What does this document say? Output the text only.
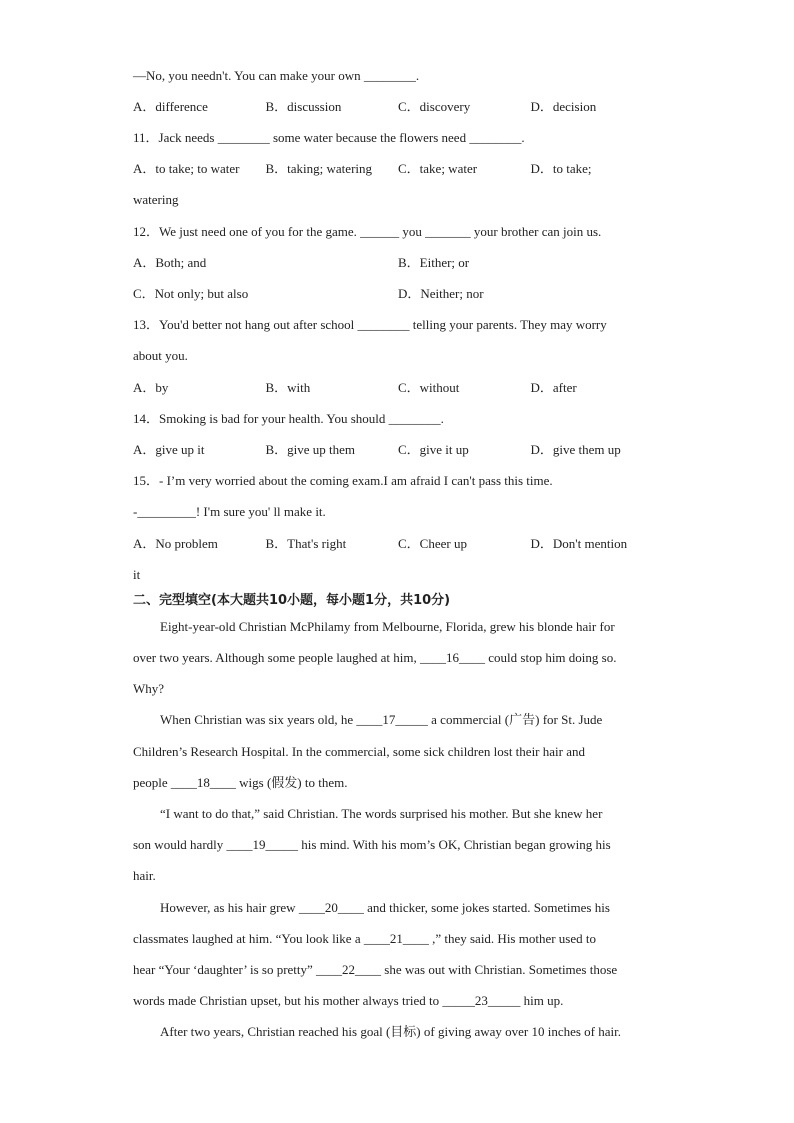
—No, you needn't. You can make your own ________.
A．difference	B．discussion	C．discovery	D．decision
11．Jack needs ________ some water because the flowers need ________.
A．to take; to water	B．taking; watering	C．take; water	D．to take;
watering
12．We just need one of you for the game. ______ you _______ your brother can join us.
A．Both; and	B．Either; or
C．Not only; but also	D．Neither; nor
13．You'd better not hang out after school ________ telling your parents. They may worry
about you.
A．by	B．with	C．without	D．after
14．Smoking is bad for your health. You should ________.
A．give up it	B．give up them	C．give it up	D．give them up
15．- I’m very worried about the coming exam.I am afraid I can't pass this time.
-_________! I'm sure you' ll make it.
A．No problem	B．That's right	C．Cheer up	D．Don't mention
it
二、完型填空(本大题共10小题，每小题1分，共10分)
Eight-year-old Christian McPhilamy from Melbourne, Florida, grew his blonde hair for
over two years. Although some people laughed at him, ____16____ could stop him doing so.
Why?
When Christian was six years old, he ____17_____ a commercial (广告) for St. Jude
Children’s Research Hospital. In the commercial, some sick children lost their hair and
people ____18____ wigs (假发) to them.
“I want to do that,” said Christian. The words surprised his mother. But she knew her
son would hardly ____19_____ his mind. With his mom’s OK, Christian began growing his
hair.
However, as his hair grew ____20____ and thicker, some jokes started. Sometimes his
classmates laughed at him. “You look like a ____21____ ,” they said. His mother used to
hear “Your ‘daughter’ is so pretty” ____22____ she was out with Christian. Sometimes those
words made Christian upset, but his mother always tried to _____23_____ him up.
After two years, Christian reached his goal (目标) of giving away over 10 inches of hair.
